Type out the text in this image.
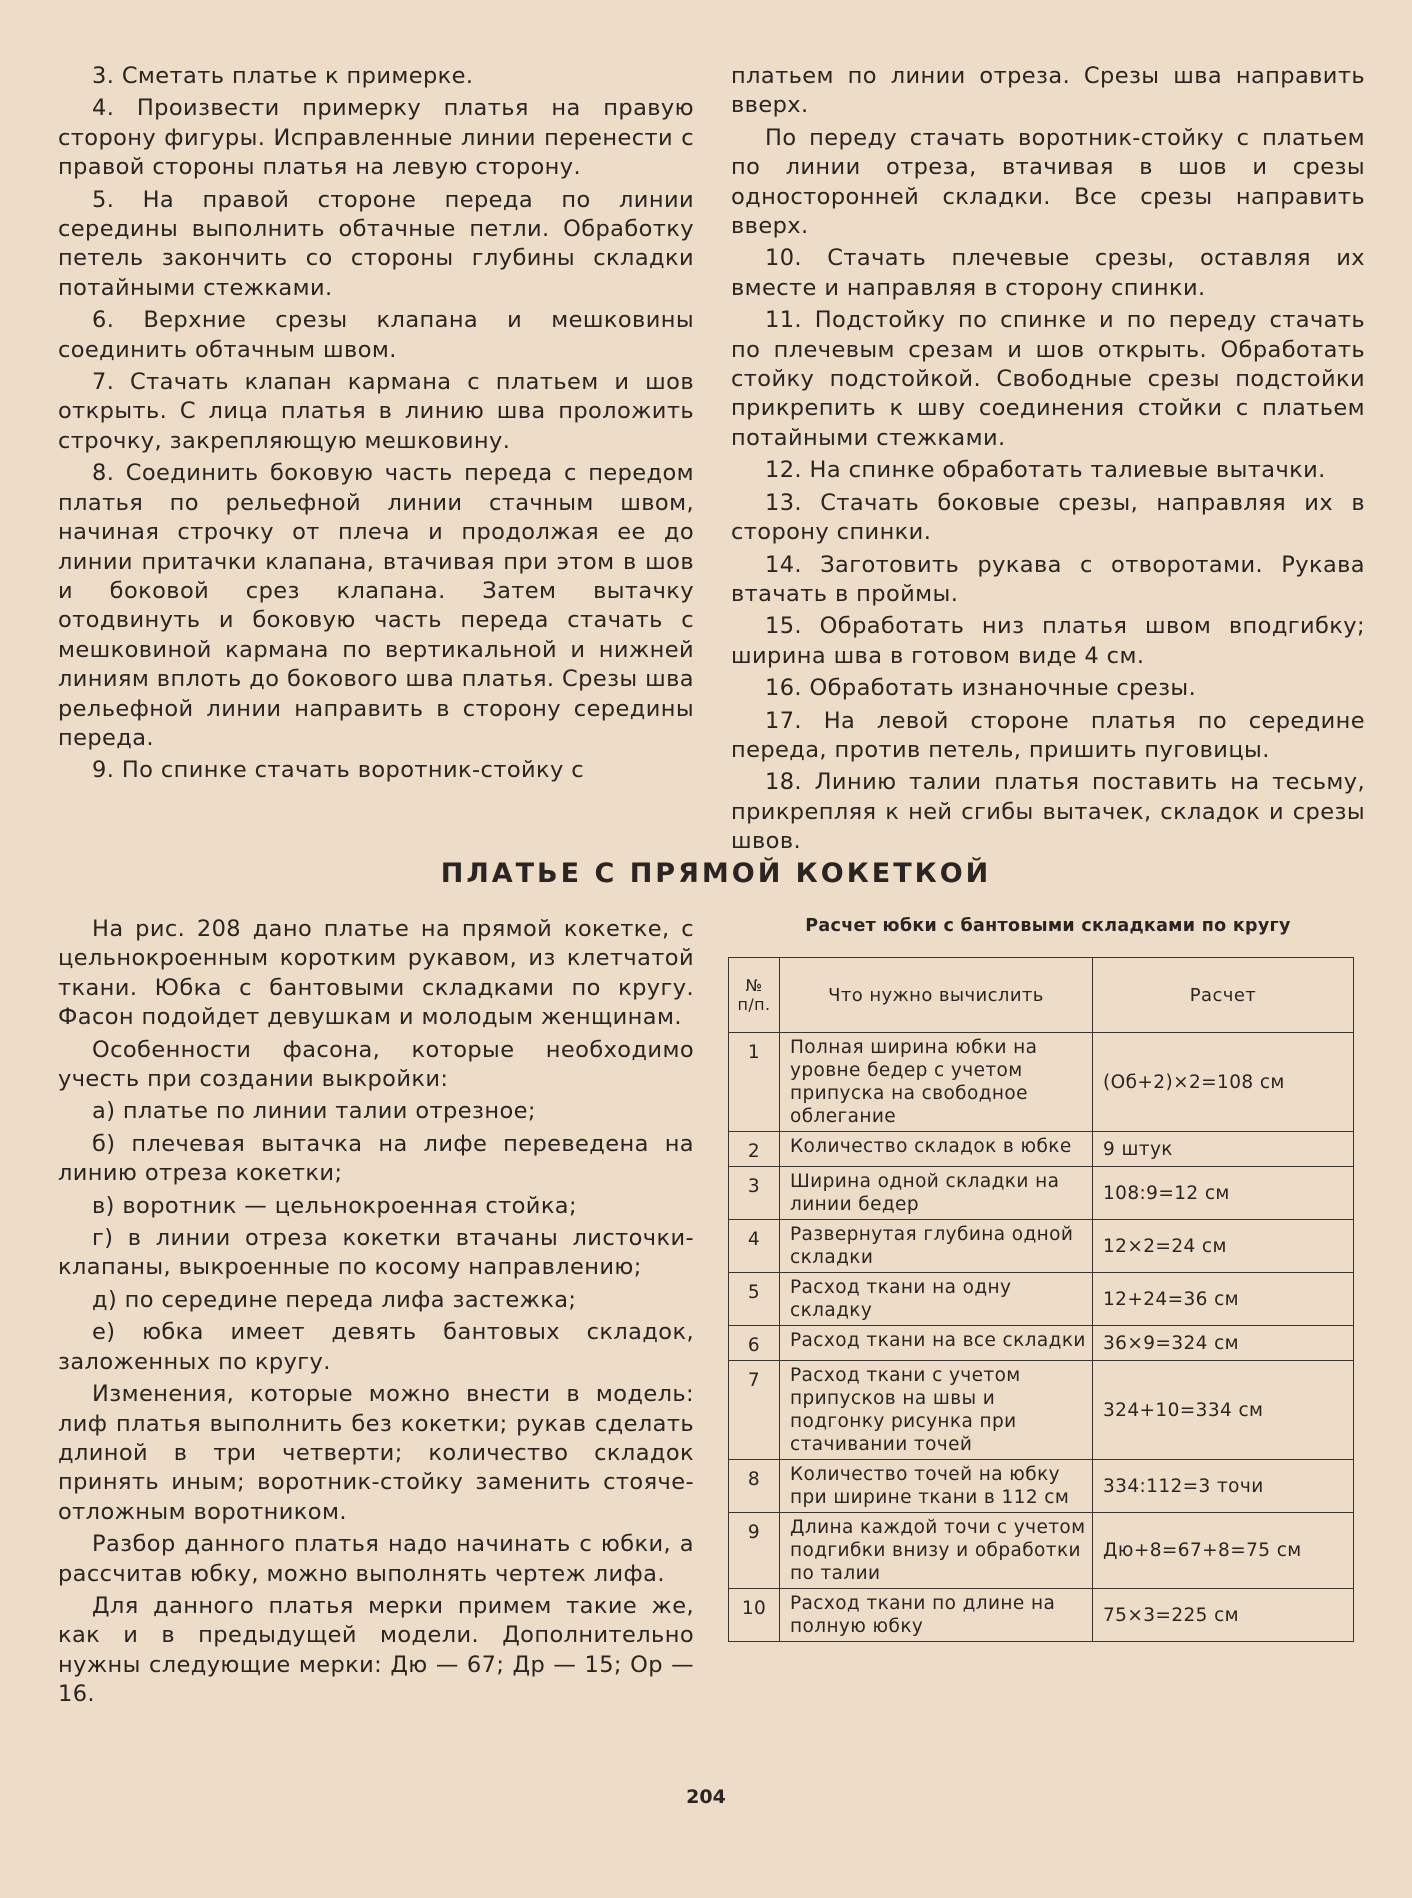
3. Сметать платье к примерке.

4. Произвести примерку платья на правую сторону фигуры. Исправленные линии перенести с правой стороны платья на левую сторону.

5. На правой стороне переда по линии середины выполнить обтачные петли. Обработку петель закончить со стороны глубины складки потайными стежками.

6. Верхние срезы клапана и мешковины соединить обтачным швом.

7. Стачать клапан кармана с платьем и шов открыть. С лица платья в линию шва проложить строчку, закрепляющую мешковину.

8. Соединить боковую часть переда с передом платья по рельефной линии стачным швом, начиная строчку от плеча и продолжая ее до линии притачки клапана, втачивая при этом в шов и боковой срез клапана. Затем вытачку отодвинуть и боковую часть переда стачать с мешковиной кармана по вертикальной и нижней линиям вплоть до бокового шва платья. Срезы шва рельефной линии направить в сторону середины переда.

9. По спинке стачать воротник-стойку с

платьем по линии отреза. Срезы шва направить вверх.

По переду стачать воротник-стойку с платьем по линии отреза, втачивая в шов и срезы односторонней складки. Все срезы направить вверх.

10. Стачать плечевые срезы, оставляя их вместе и направляя в сторону спинки.

11. Подстойку по спинке и по переду стачать по плечевым срезам и шов открыть. Обработать стойку подстойкой. Свободные срезы подстойки прикрепить к шву соединения стойки с платьем потайными стежками.

12. На спинке обработать талиевые вытачки.

13. Стачать боковые срезы, направляя их в сторону спинки.

14. Заготовить рукава с отворотами. Рукава втачать в проймы.

15. Обработать низ платья швом вподгибку; ширина шва в готовом виде 4 см.

16. Обработать изнаночные срезы.

17. На левой стороне платья по середине переда, против петель, пришить пуговицы.

18. Линию талии платья поставить на тесьму, прикрепляя к ней сгибы вытачек, складок и срезы швов.

ПЛАТЬЕ С ПРЯМОЙ КОКЕТКОЙ

На рис. 208 дано платье на прямой кокетке, с цельнокроенным коротким рукавом, из клетчатой ткани. Юбка с бантовыми складками по кругу. Фасон подойдет девушкам и молодым женщинам.

Особенности фасона, которые необходимо учесть при создании выкройки:

а) платье по линии талии отрезное;

б) плечевая вытачка на лифе переведена на линию отреза кокетки;

в) воротник — цельнокроенная стойка;

г) в линии отреза кокетки втачаны листочки-клапаны, выкроенные по косому направлению;

д) по середине переда лифа застежка;

е) юбка имеет девять бантовых складок, заложенных по кругу.

Изменения, которые можно внести в модель: лиф платья выполнить без кокетки; рукав сделать длиной в три четверти; количество складок принять иным; воротник-стойку заменить стояче-отложным воротником.

Разбор данного платья надо начинать с юбки, а рассчитав юбку, можно выполнять чертеж лифа.

Для данного платья мерки примем такие же, как и в предыдущей модели. Дополнительно нужны следующие мерки: Дю — 67; Др — 15; Ор — 16.

Расчет юбки с бантовыми складками по кругу
№ п/п.	Что нужно вычислить	Расчет
1	Полная ширина юбки на уровне бедер с учетом припуска на свободное облегание	(Об+2)×2=108 см
2	Количество складок в юбке	9 штук
3	Ширина одной складки на линии бедер	108:9=12 см
4	Развернутая глубина одной складки	12×2=24 см
5	Расход ткани на одну складку	12+24=36 см
6	Расход ткани на все складки	36×9=324 см
7	Расход ткани с учетом припусков на швы и подгонку рисунка при стачивании точей	324+10=334 см
8	Количество точей на юбку при ширине ткани в 112 см	334:112=3 точи
9	Длина каждой точи с учетом подгибки внизу и обработки по талии	Дю+8=67+8=75 см
10	Расход ткани по длине на полную юбку	75×3=225 см
204
